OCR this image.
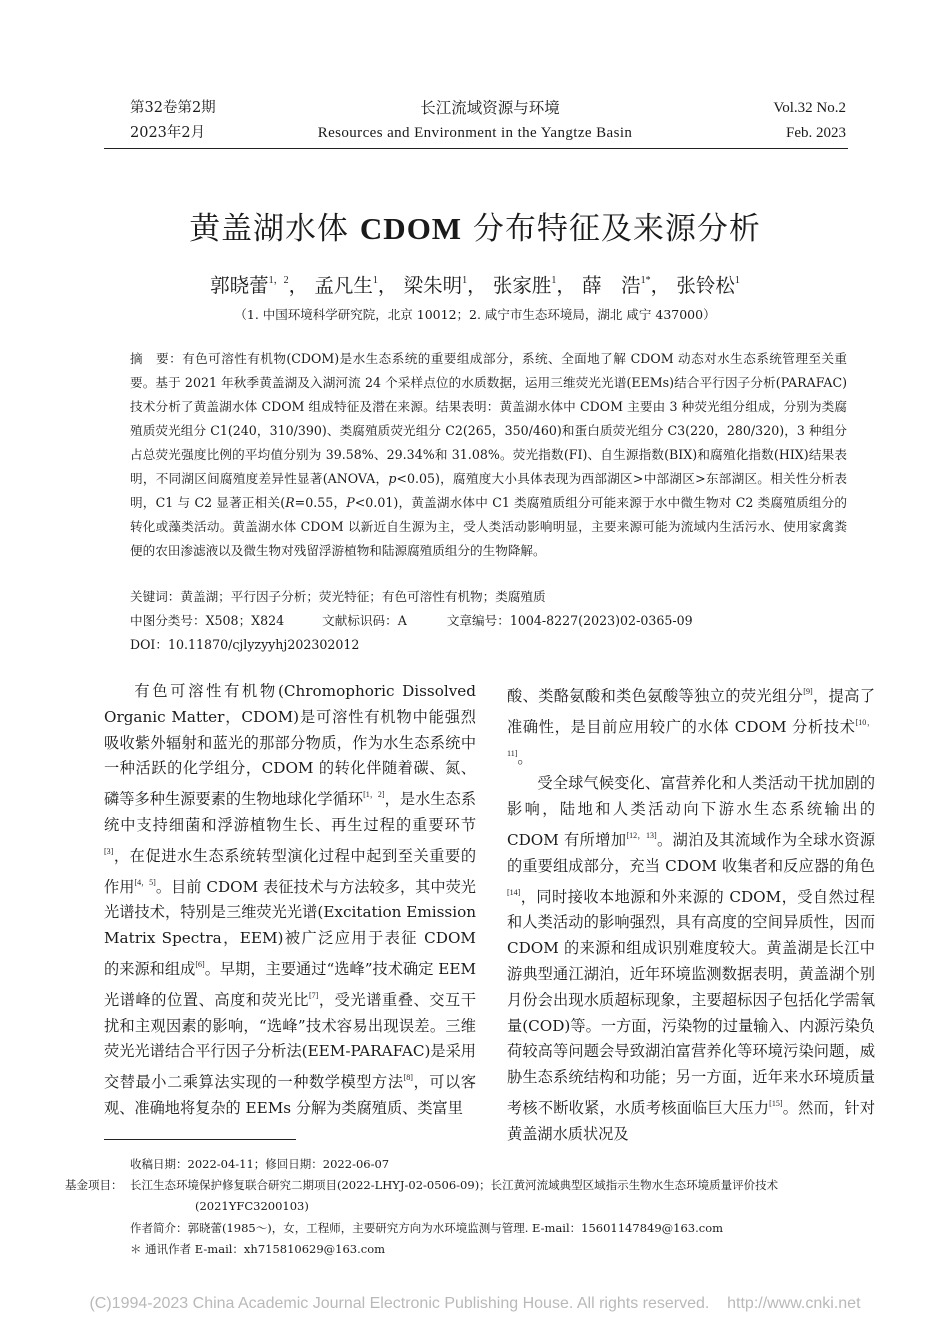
第32卷第2期
2023年2月
长江流域资源与环境
Resources and Environment in the Yangtze Basin
Vol.32 No.2
Feb. 2023
黄盖湖水体 CDOM 分布特征及来源分析
郭晓蕾$^{1,2}$， 孟凡生$^1$， 梁朱明$^1$， 张家胜$^1$， 薛　浩$^{1*}$， 张铃松$^1$
（1. 中国环境科学研究院，北京 10012；2. 咸宁市生态环境局，湖北 咸宁 437000）
摘　要：有色可溶性有机物(CDOM)是水生态系统的重要组成部分，系统、全面地了解 CDOM 动态对水生态系统管理至关重要。基于 2021 年秋季黄盖湖及入湖河流 24 个采样点位的水质数据，运用三维荧光光谱(EEMs)结合平行因子分析(PARAFAC)技术分析了黄盖湖水体 CDOM 组成特征及潜在来源。结果表明：黄盖湖水体中 CDOM 主要由 3 种荧光组分组成，分别为类腐殖质荧光组分 C1(240，310/390)、类腐殖质荧光组分 C2(265，350/460)和蛋白质荧光组分 C3(220，280/320)，3 种组分占总荧光强度比例的平均值分别为 39.58%、29.34%和 31.08%。荧光指数(FI)、自生源指数(BIX)和腐殖化指数(HIX)结果表明，不同湖区间腐殖度差异性显著(ANOVA，p<0.05)，腐殖度大小具体表现为西部湖区>中部湖区>东部湖区。相关性分析表明，C1 与 C2 显著正相关(R=0.55，P<0.01)，黄盖湖水体中 C1 类腐殖质组分可能来源于水中微生物对 C2 类腐殖质组分的转化或藻类活动。黄盖湖水体 CDOM 以新近自生源为主，受人类活动影响明显，主要来源可能为流域内生活污水、使用家禽粪便的农田渗滤液以及微生物对残留浮游植物和陆源腐殖质组分的生物降解。
关键词：黄盖湖；平行因子分析；荧光特征；有色可溶性有机物；类腐殖质
中图分类号：X508；X824	文献标识码：A	文章编号：1004-8227(2023)02-0365-09
DOI：10.11870/cjlyzyyhj202302012

有色可溶性有机物(Chromophoric Dissolved Organic Matter，CDOM)是可溶性有机物中能强烈吸收紫外辐射和蓝光的那部分物质，作为水生态系统中一种活跃的化学组分，CDOM 的转化伴随着碳、氮、磷等多种生源要素的生物地球化学循环[1，2]，是水生态系统中支持细菌和浮游植物生长、再生过程的重要环节[3]，在促进水生态系统转型演化过程中起到至关重要的作用[4，5]。目前 CDOM 表征技术与方法较多，其中荧光光谱技术，特别是三维荧光光谱(Excitation Emission Matrix Spectra，EEM)被广泛应用于表征 CDOM 的来源和组成[6]。早期，主要通过“选峰”技术确定 EEM 光谱峰的位置、高度和荧光比[7]，受光谱重叠、交互干扰和主观因素的影响，“选峰”技术容易出现误差。三维荧光光谱结合平行因子分析法(EEM-PARAFAC)是采用交替最小二乘算法实现的一种数学模型方法[8]，可以客观、准确地将复杂的 EEMs 分解为类腐殖质、类富里

酸、类酪氨酸和类色氨酸等独立的荧光组分[9]，提高了准确性，是目前应用较广的水体 CDOM 分析技术[10，11]。

受全球气候变化、富营养化和人类活动干扰加剧的影响，陆地和人类活动向下游水生态系统输出的 CDOM 有所增加[12，13]。湖泊及其流域作为全球水资源的重要组成部分，充当 CDOM 收集者和反应器的角色[14]，同时接收本地源和外来源的 CDOM，受自然过程和人类活动的影响强烈，具有高度的空间异质性，因而 CDOM 的来源和组成识别难度较大。黄盖湖是长江中游典型通江湖泊，近年环境监测数据表明，黄盖湖个别月份会出现水质超标现象，主要超标因子包括化学需氧量(COD)等。一方面，污染物的过量输入、内源污染负荷较高等问题会导致湖泊富营养化等环境污染问题，威胁生态系统结构和功能；另一方面，近年来水环境质量考核不断收紧，水质考核面临巨大压力[15]。然而，针对黄盖湖水质状况及

收稿日期：2022-04-11；修回日期：2022-06-07
基金项目： 长江生态环境保护修复联合研究二期项目(2022-LHYJ-02-0506-09)；长江黄河流域典型区域指示生物水生态环境质量评价技术(2021YFC3200103)
作者简介：郭晓蕾(1985～)，女，工程师，主要研究方向为水环境监测与管理. E-mail：15601147849@163.com
＊ 通讯作者 E-mail：xh715810629@163.com
(C)1994-2023 China Academic Journal Electronic Publishing House. All rights reserved.    http://www.cnki.net
